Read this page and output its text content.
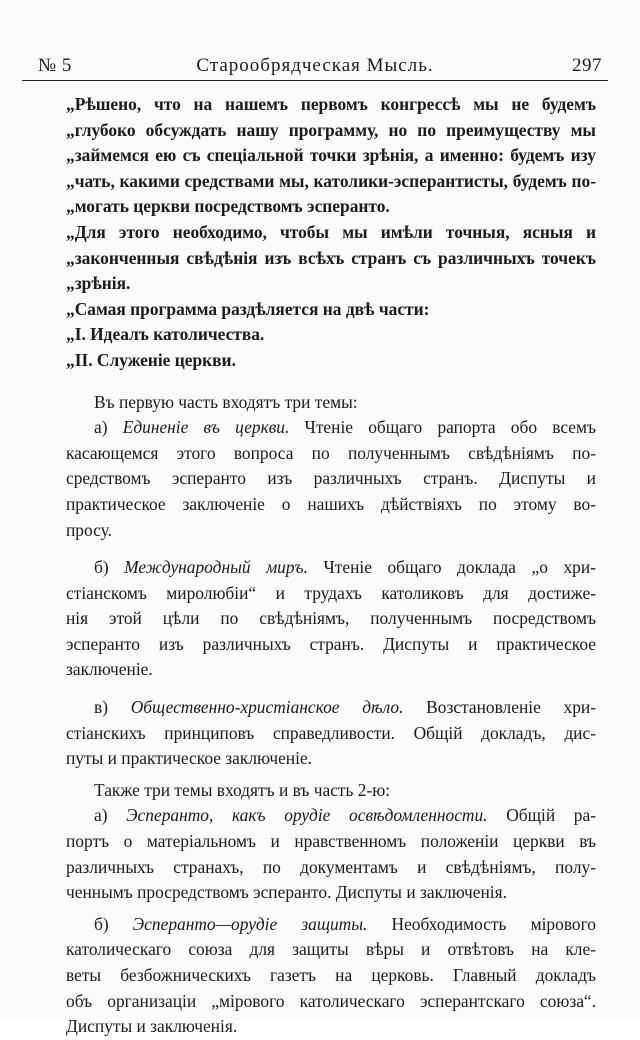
№ 5	Старообрядческая Мысль.	297

„Рѣшено, что на нашемъ первомъ конгрессѣ мы не будемъ
„глубоко обсуждать нашу программу, но по преимуществу мы
„займемся ею съ спеціальной точки зрѣнія, а именно: будемъ изу
„чать, какими средствами мы, католики-эсперантисты, будемъ по-
„могать церкви посредствомъ эсперанто.

„Для этого необходимо, чтобы мы имѣли точныя, ясныя и
„законченныя свѣдѣнія изъ всѣхъ странъ съ различныхъ точекъ
„зрѣнія.

„Самая программа раздѣляется на двѣ части:

„I. Идеалъ католичества.

„II. Служеніе церкви.

Въ первую часть входятъ три темы:

а) Единеніе въ церкви. Чтеніе общаго рапорта обо всемъ
касающемся этого вопроса по полученнымъ свѣдѣніямъ по-
средствомъ эсперанто изъ различныхъ странъ. Диспуты и
практическое заключеніе о нашихъ дѣйствіяхъ по этому во-
просу.

б) Международный миръ. Чтеніе общаго доклада „о хри-
стіанскомъ миролюбіи“ и трудахъ католиковъ для достиже-
нія этой цѣли по свѣдѣніямъ, полученнымъ посредствомъ
эсперанто изъ различныхъ странъ. Диспуты и практическое
заключеніе.

в) Общественно-христіанское дѣло. Возстановленіе хри-
стіанскихъ принциповъ справедливости. Общій докладъ, дис-
путы и практическое заключеніе.

Также три темы входятъ и въ часть 2-ю:

а) Эсперанто, какъ орудіе освѣдомленности. Общій ра-
портъ о матеріальномъ и нравственномъ положеніи церкви въ
различныхъ странахъ, по документамъ и свѣдѣніямъ, полу-
ченнымъ просредствомъ эсперанто. Диспуты и заключенія.

б) Эсперанто—орудіе защиты. Необходимость мірового
католическаго союза для защиты вѣры и отвѣтовъ на кле-
веты безбожническихъ газетъ на церковь. Главный докладъ
объ организаціи „мірового католическаго эсперантскаго союза“.
Диспуты и заключенія.
